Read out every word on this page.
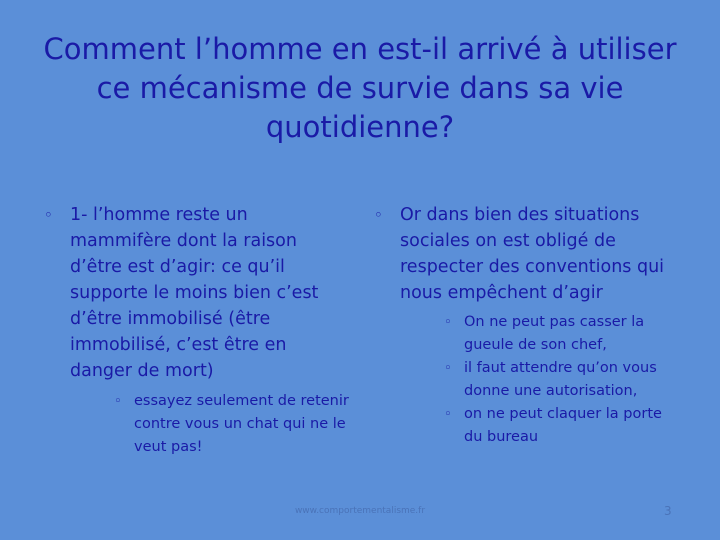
Comment l’homme en est-il arrivé à utiliser ce mécanisme de survie dans sa vie quotidienne?
◦ 1- l’homme reste un mammifère dont la raison d’être est d’agir: ce qu’il supporte le moins bien c’est d’être immobilisé (être immobilisé, c’est être en danger de mort)
◦ essayez seulement de retenir contre vous un chat qui ne le veut pas!
◦ Or dans bien des situations sociales on est obligé de respecter des conventions qui nous empêchent d’agir
◦ On ne peut pas casser la gueule de son chef,
◦ il faut attendre qu’on vous donne une autorisation,
◦ on ne peut claquer la porte du bureau
www.comportementalisme.fr	3
